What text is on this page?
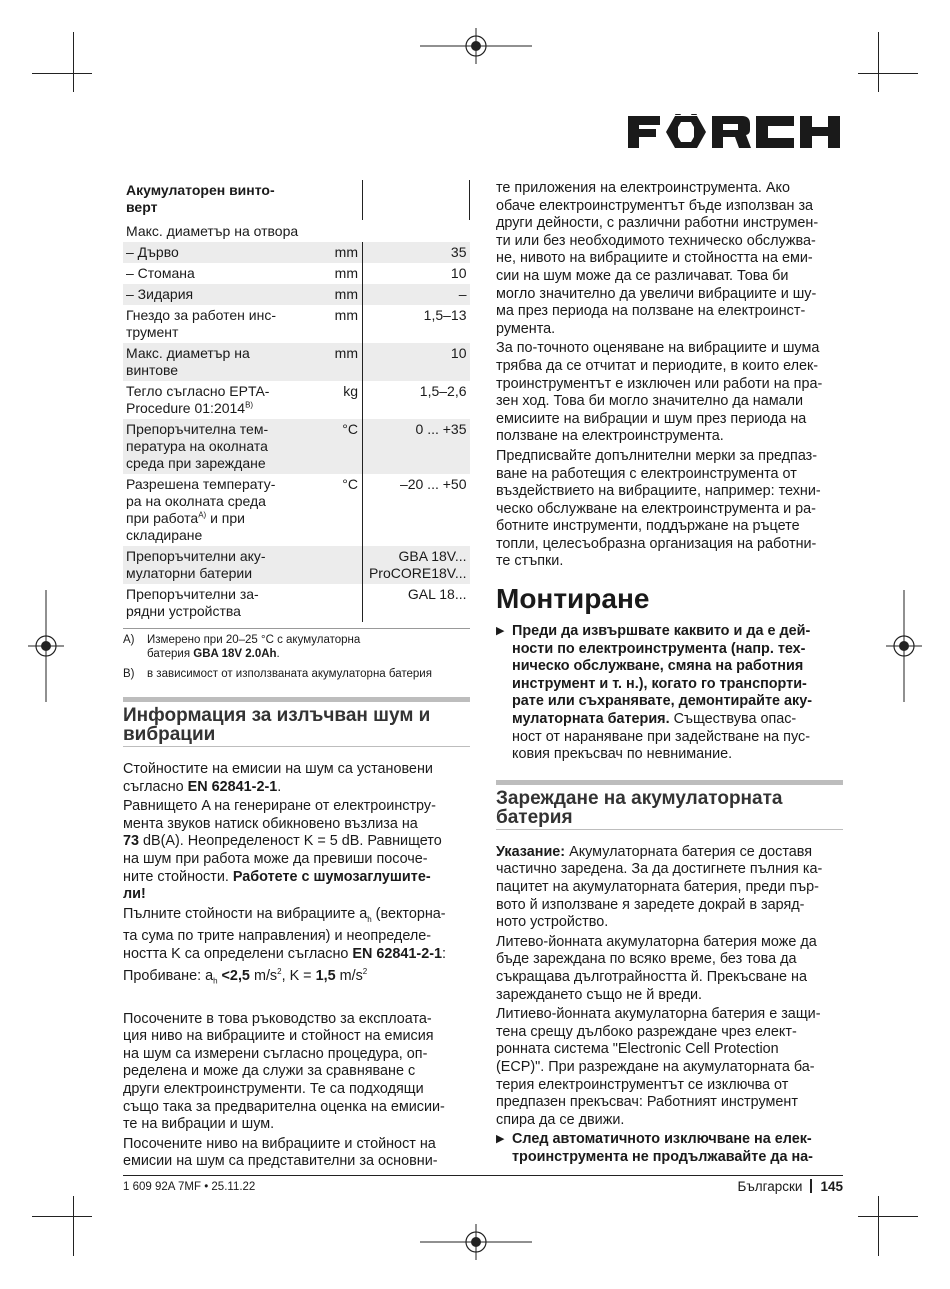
Акумулаторен винто-
верт		
Макс. диаметър на отвора		
– Дърво	mm	35
– Стомана	mm	10
– Зидария	mm	–
Гнездо за работен инс-
трумент	mm	1,5–13
Макс. диаметър на
винтове	mm	10
Тегло съгласно EPTA-
Procedure $01:2014^{B)}$	kg	1,5–2,6
Препоръчителна тем-
пература на околната
среда при зареждане	°C	0 ... +35
Разрешена температу-
ра на околната среда
при работа$^{A)}$ и при
складиране	°C	–20 ... +50
Препоръчителни аку-
мулаторни батерии		GBA 18V...
ProCORE18V...
Препоръчителни за-
рядни устройства		GAL 18...
A)	Измерено при 20–25 °C с акумулаторна
батерия GBA 18V 2.0Ah.
B)	в зависимост от използваната акумулаторна батерия
Информация за излъчван шум и
вибрации

Стойностите на емисии на шум са установени
съгласно EN 62841-2-1.

Равнището A на генериране от електроинстру-
мента звуков натиск обикновено възлиза на
73 dB(A). Неопределеност K = 5 dB. Равнището
на шум при работа може да превиши посоче-
ните стойности. Работете с шумозаглушите-
ли!

Пълните стойности на вибрациите $a_h$ (векторна-
та сума по трите направления) и неопределе-
ността K са определени съгласно EN 62841-2-1:
Пробиване: $a_h <2,5$ $m/s^2$, K = 1,5 $m/s^2$

Посочените в това ръководство за експлоата-
ция ниво на вибрациите и стойност на емисия
на шум са измерени съгласно процедура, оп-
ределена и може да служи за сравняване с
други електроинструменти. Те са подходящи
също така за предварителна оценка на емисии-
те на вибрации и шум.

Посочените ниво на вибрациите и стойност на
емисии на шум са представителни за основни-

те приложения на електроинструмента. Ако
обаче електроинструментът бъде използван за
други дейности, с различни работни инструмен-
ти или без необходимото техническо обслужва-
не, нивото на вибрациите и стойността на еми-
сии на шум може да се различават. Това би
могло значително да увеличи вибрациите и шу-
ма през периода на ползване на електроинст-
румента.

За по-точното оценяване на вибрациите и шума
трябва да се отчитат и периодите, в които елек-
троинструментът е изключен или работи на пра-
зен ход. Това би могло значително да намали
емисиите на вибрации и шум през периода на
ползване на електроинструмента.

Предписвайте допълнителни мерки за предпаз-
ване на работещия с електроинструмента от
въздействието на вибрациите, например: техни-
ческо обслужване на електроинструмента и ра-
ботните инструменти, поддържане на ръцете
топли, целесъобразна организация на работни-
те стъпки.

Монтиране
▶ Преди да извършвате каквито и да е дей-
ности по електроинструмента (напр. тех-
ническо обслужване, смяна на работния
инструмент и т. н.), когато го транспорти-
рате или съхранявате, демонтирайте аку-
мулаторната батерия. Съществува опас-
ност от нараняване при задействане на пус-
ковия прекъсвач по невнимание.
Зареждане на акумулаторната
батерия

Указание: Акумулаторната батерия се доставя
частично заредена. За да достигнете пълния ка-
пацитет на акумулаторната батерия, преди пър-
вото й използване я заредете докрай в заряд-
ното устройство.

Литево-йонната акумулаторна батерия може да
бъде зареждана по всяко време, без това да
съкращава дълготрайността й. Прекъсване на
зареждането също не й вреди.

Литиево-йонната акумулаторна батерия е защи-
тена срещу дълбоко разреждане чрез елект-
ронната система "Electronic Cell Protection
(ECP)". При разреждане на акумулаторната ба-
терия електроинструментът се изключва от
предпазен прекъсвач: Работният инструмент
спира да се движи.

▶ След автоматичното изключване на елек-
троинструмента не продължавайте да на-
1 609 92A 7MF • 25.11.22	Български 145
